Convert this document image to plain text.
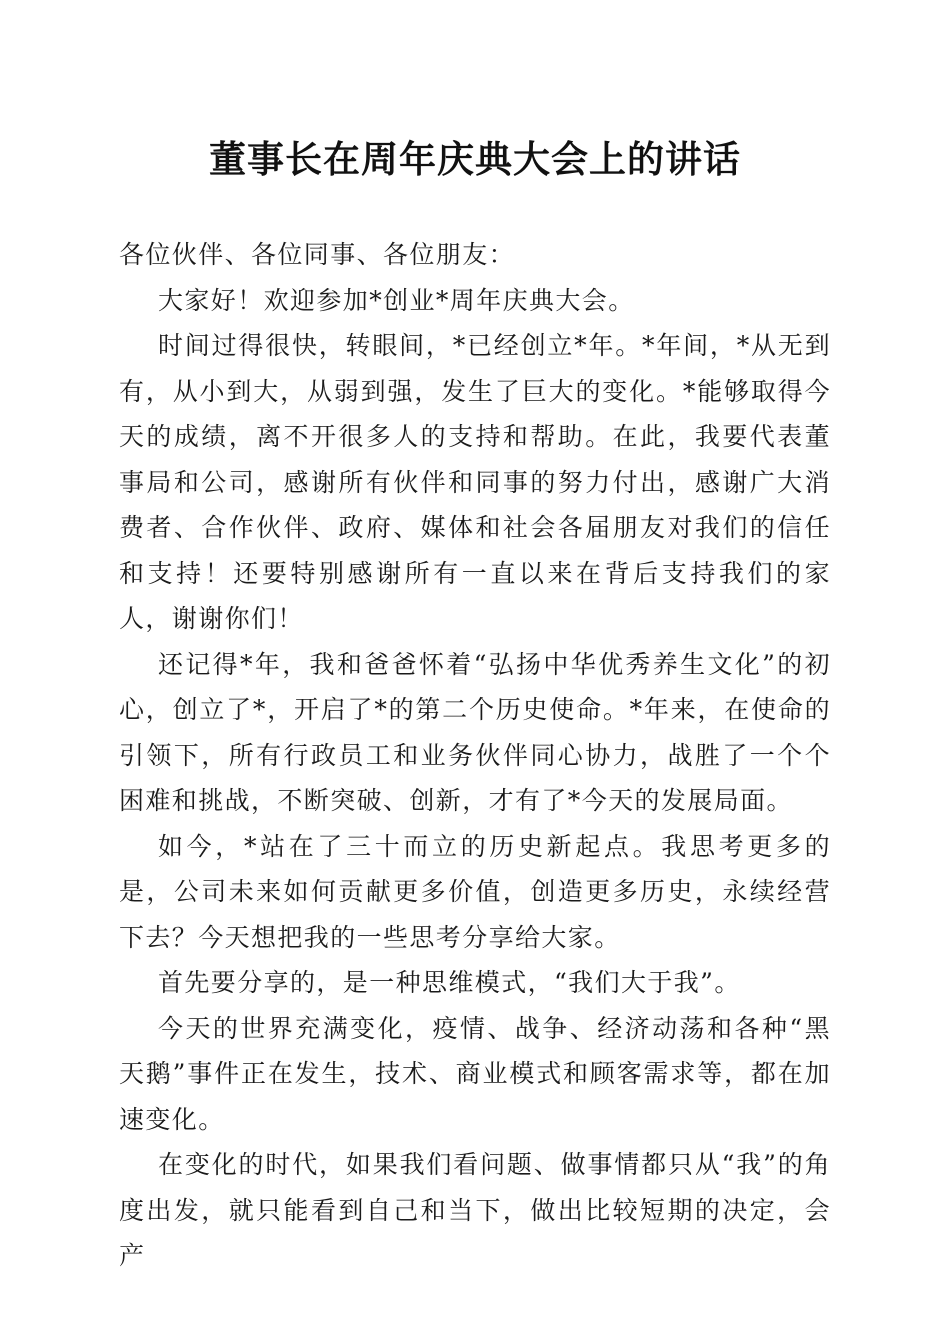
董事长在周年庆典大会上的讲话

各位伙伴、各位同事、各位朋友：

大家好！欢迎参加*创业*周年庆典大会。

时间过得很快，转眼间，*已经创立*年。*年间，*从无到有，从小到大，从弱到强，发生了巨大的变化。*能够取得今天的成绩，离不开很多人的支持和帮助。在此，我要代表董事局和公司，感谢所有伙伴和同事的努力付出，感谢广大消费者、合作伙伴、政府、媒体和社会各届朋友对我们的信任和支持！还要特别感谢所有一直以来在背后支持我们的家人，谢谢你们！

还记得*年，我和爸爸怀着“弘扬中华优秀养生文化”的初心，创立了*，开启了*的第二个历史使命。*年来，在使命的引领下，所有行政员工和业务伙伴同心协力，战胜了一个个困难和挑战，不断突破、创新，才有了*今天的发展局面。

如今，*站在了三十而立的历史新起点。我思考更多的是，公司未来如何贡献更多价值，创造更多历史，永续经营下去？今天想把我的一些思考分享给大家。

首先要分享的，是一种思维模式，“我们大于我”。

今天的世界充满变化，疫情、战争、经济动荡和各种“黑天鹅”事件正在发生，技术、商业模式和顾客需求等，都在加速变化。

在变化的时代，如果我们看问题、做事情都只从“我”的角度出发，就只能看到自己和当下，做出比较短期的决定，会产
